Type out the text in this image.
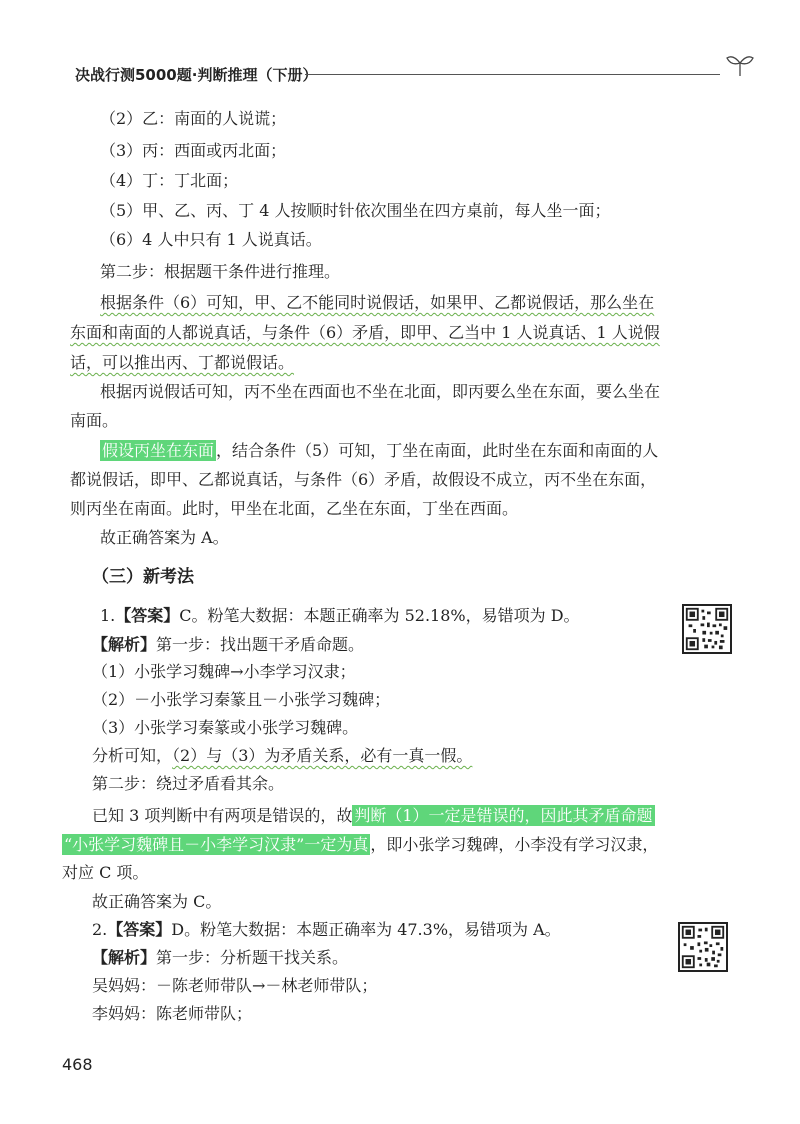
决战行测5000题·判断推理（下册）
（2）乙：南面的人说谎；
（3）丙：西面或丙北面；
（4）丁：丁北面；
（5）甲、乙、丙、丁 4 人按顺时针依次围坐在四方桌前，每人坐一面；
（6）4 人中只有 1 人说真话。
第二步：根据题干条件进行推理。
根据条件（6）可知，甲、乙不能同时说假话，如果甲、乙都说假话，那么坐在
东面和南面的人都说真话，与条件（6）矛盾，即甲、乙当中 1 人说真话、1 人说假
话，可以推出丙、丁都说假话。
根据丙说假话可知，丙不坐在西面也不坐在北面，即丙要么坐在东面，要么坐在
南面。
假设丙坐在东面 ，结合条件（5）可知，丁坐在南面，此时坐在东面和南面的人
都说假话，即甲、乙都说真话，与条件（6）矛盾，故假设不成立，丙不坐在东面，
则丙坐在南面。此时，甲坐在北面，乙坐在东面，丁坐在西面。
故正确答案为 A。
（三）新考法
1.【答案】C。粉笔大数据：本题正确率为 52.18%，易错项为 D。
【解析】第一步：找出题干矛盾命题。
（1）小张学习魏碑→小李学习汉隶；
（2）－小张学习秦篆且－小张学习魏碑；
（3）小张学习秦篆或小张学习魏碑。
分析可知，（2）与（3）为矛盾关系，必有一真一假。
第二步：绕过矛盾看其余。
已知 3 项判断中有两项是错误的，故 判断（1）一定是错误的，因此其矛盾命题
“小张学习魏碑且－小李学习汉隶”一定为真 ，即小张学习魏碑，小李没有学习汉隶，
对应 C 项。
故正确答案为 C。
2.【答案】D。粉笔大数据：本题正确率为 47.3%，易错项为 A。
【解析】第一步：分析题干找关系。
吴妈妈：－陈老师带队→－林老师带队；
李妈妈：陈老师带队；
468
